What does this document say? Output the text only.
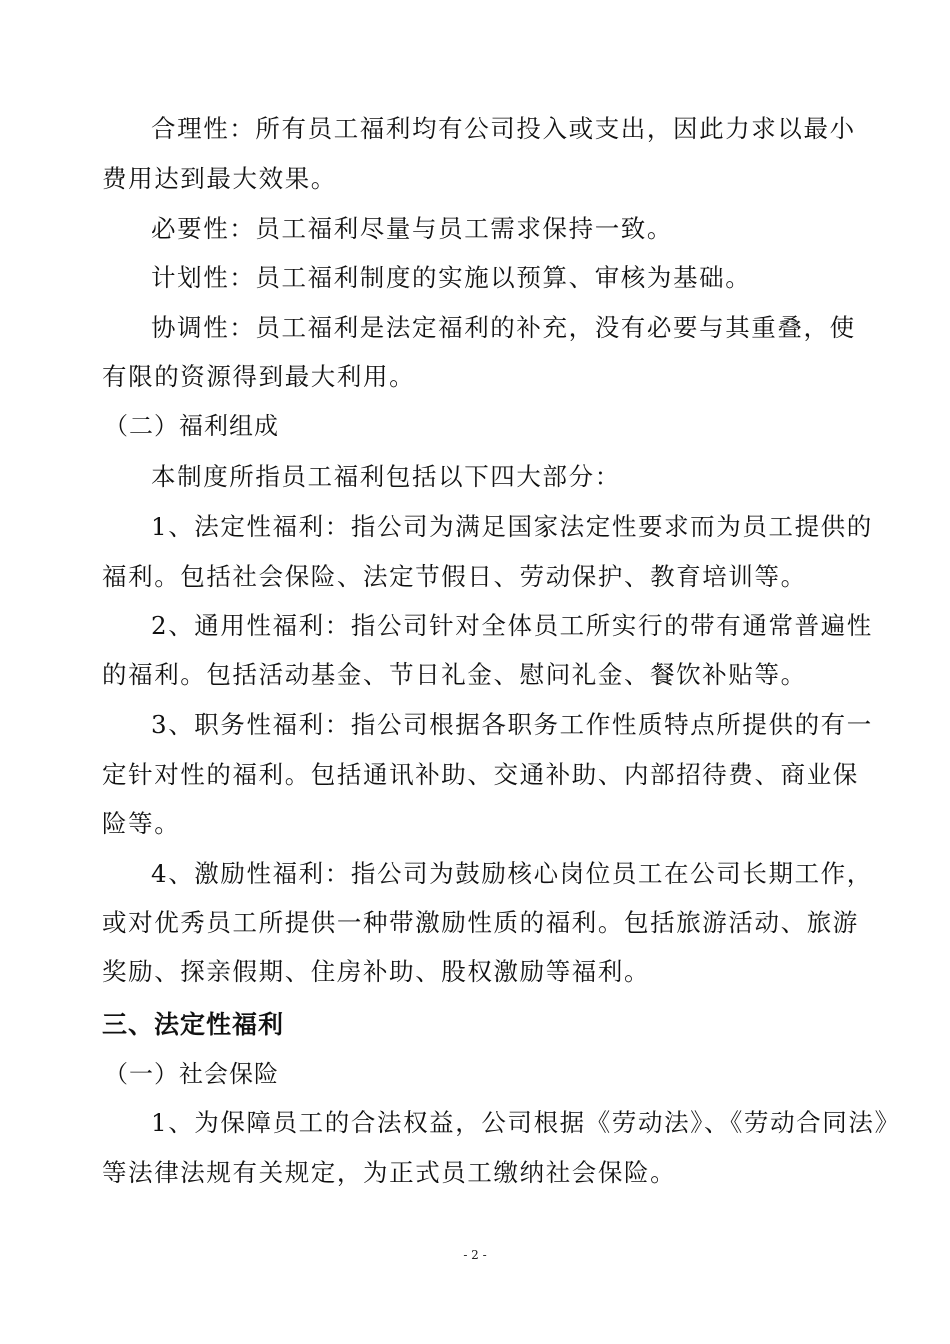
合理性：所有员工福利均有公司投入或支出，因此力求以最小
费用达到最大效果。
必要性：员工福利尽量与员工需求保持一致。
计划性：员工福利制度的实施以预算、审核为基础。
协调性：员工福利是法定福利的补充，没有必要与其重叠，使
有限的资源得到最大利用。
（二）福利组成
本制度所指员工福利包括以下四大部分：
1、法定性福利：指公司为满足国家法定性要求而为员工提供的
福利。包括社会保险、法定节假日、劳动保护、教育培训等。
2、通用性福利：指公司针对全体员工所实行的带有通常普遍性
的福利。包括活动基金、节日礼金、慰问礼金、餐饮补贴等。
3、职务性福利：指公司根据各职务工作性质特点所提供的有一
定针对性的福利。包括通讯补助、交通补助、内部招待费、商业保
险等。
4、激励性福利：指公司为鼓励核心岗位员工在公司长期工作，
或对优秀员工所提供一种带激励性质的福利。包括旅游活动、旅游
奖励、探亲假期、住房补助、股权激励等福利。
三、法定性福利
（一）社会保险
1、为保障员工的合法权益，公司根据《劳动法》、《劳动合同法》
等法律法规有关规定，为正式员工缴纳社会保险。
- 2 -
